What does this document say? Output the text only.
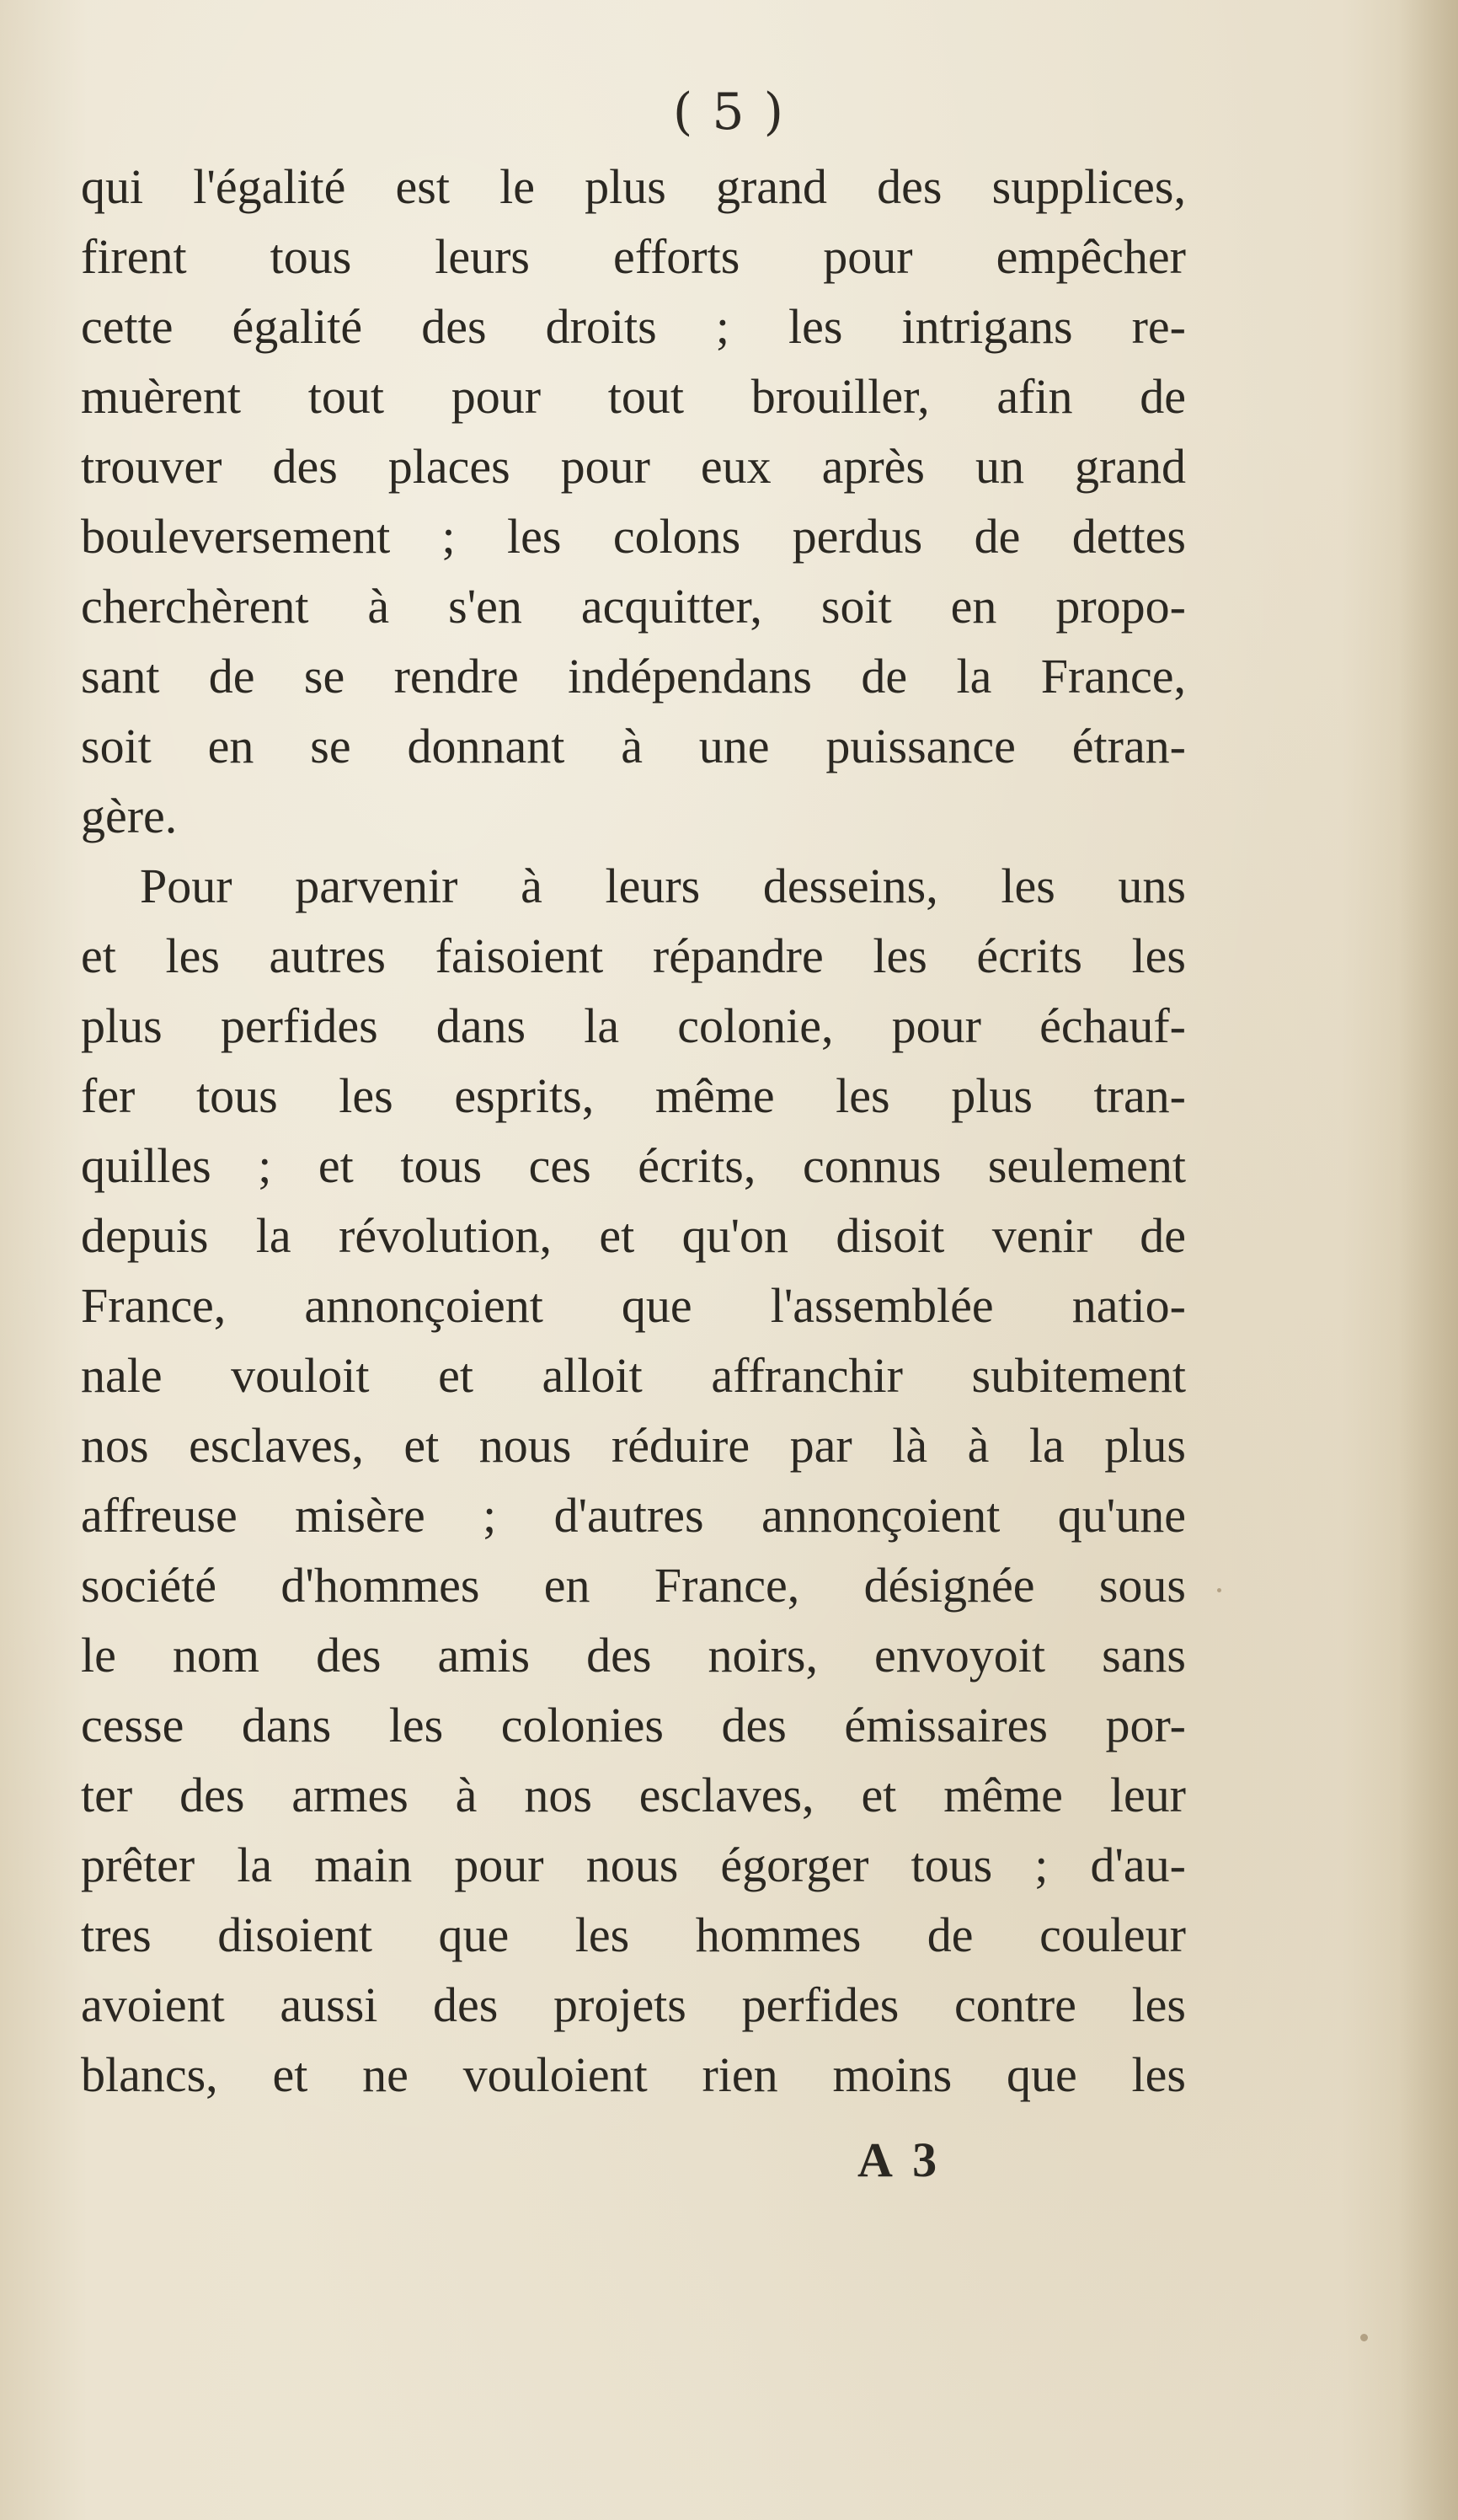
( 5 )
qui l'égalité est le plus grand des supplices,
firent tous leurs efforts pour empêcher
cette égalité des droits ; les intrigans re-
muèrent tout pour tout brouiller, afin de
trouver des places pour eux après un grand
bouleversement ; les colons perdus de dettes
cherchèrent à s'en acquitter, soit en propo-
sant de se rendre indépendans de la France,
soit en se donnant à une puissance étran-
gère.
Pour parvenir à leurs desseins, les uns
et les autres faisoient répandre les écrits les
plus perfides dans la colonie, pour échauf-
fer tous les esprits, même les plus tran-
quilles ; et tous ces écrits, connus seulement
depuis la révolution, et qu'on disoit venir de
France, annonçoient que l'assemblée natio-
nale vouloit et alloit affranchir subitement
nos esclaves, et nous réduire par là à la plus
affreuse misère ; d'autres annonçoient qu'une
société d'hommes en France, désignée sous
le nom des amis des noirs, envoyoit sans
cesse dans les colonies des émissaires por-
ter des armes à nos esclaves, et même leur
prêter la main pour nous égorger tous ; d'au-
tres disoient que les hommes de couleur
avoient aussi des projets perfides contre les
blancs, et ne vouloient rien moins que les
A 3
